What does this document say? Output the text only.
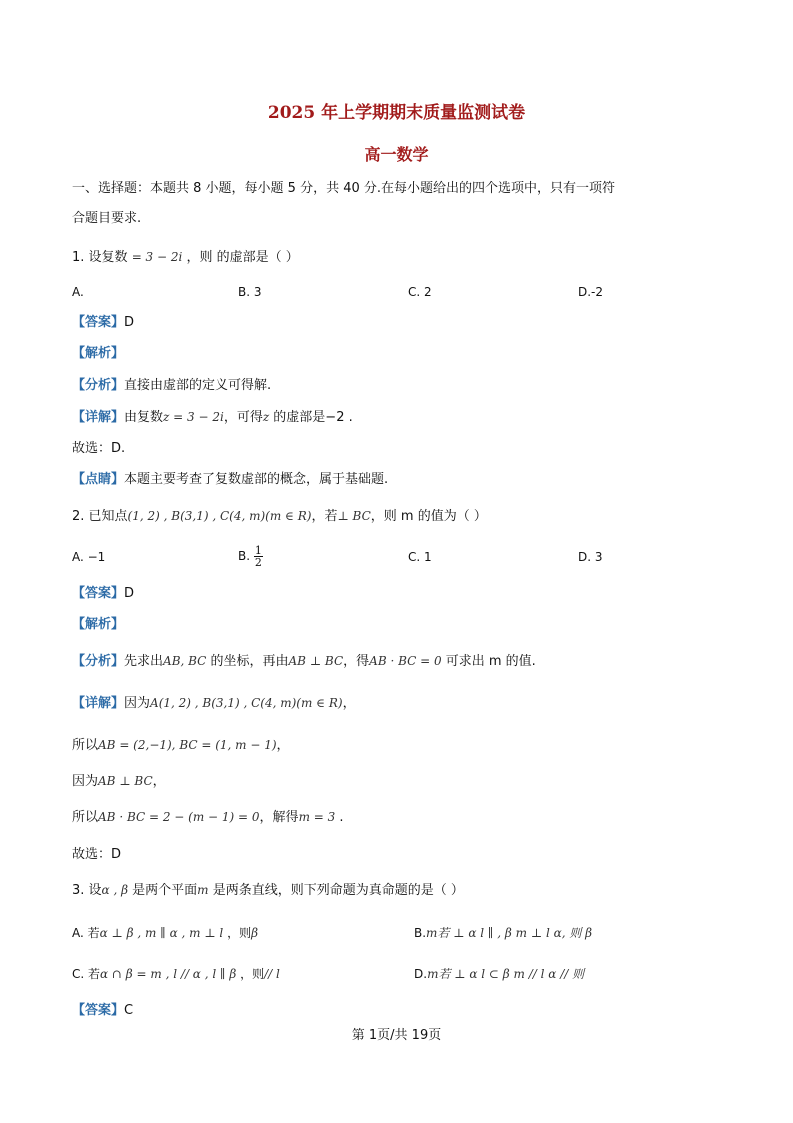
2025 年上学期期末质量监测试卷
高一数学
一、选择题：本题共 8 小题，每小题 5 分，共 40 分.在每小题给出的四个选项中，只有一项符
合题目要求.
1. 设复数 = 3 − 2i ，则 的虚部是（ ）
A.	B. 3	C. 2	D.-2
【答案】D
【解析】
【分析】直接由虚部的定义可得解.
【详解】由复数z = 3 − 2i，可得z 的虚部是−2 .
故选：D.
【点睛】本题主要考查了复数虚部的概念，属于基础题.
2. 已知点(1, 2) , B(3,1) , C(4, m)(m ∈ R)，若⊥ BC，则 m 的值为（ ）
A. −1	B. $\frac{1}{2}$	C. 1	D. 3
【答案】D
【解析】
【分析】先求出AB, BC 的坐标，再由AB ⊥ BC，得AB · BC = 0 可求出 m 的值.
【详解】因为A(1, 2) , B(3,1) , C(4, m)(m ∈ R)，
所以AB = (2,−1), BC = (1, m − 1)，
因为AB ⊥ BC，
所以AB · BC = 2 − (m − 1) = 0，解得m = 3 .
故选：D
3. 设α , β 是两个平面m 是两条直线，则下列命题为真命题的是（ ）
A. 若α ⊥ β , m ∥ α , m ⊥ l ，则β	B.m若 ⊥ α l ∥ , β m ⊥ l α, 则 β
C. 若α ∩ β = m , l // α , l ∥ β ，则// l	D.m若 ⊥ α l ⊂ β m // l α // 则
【答案】C
第 1页/共 19页
